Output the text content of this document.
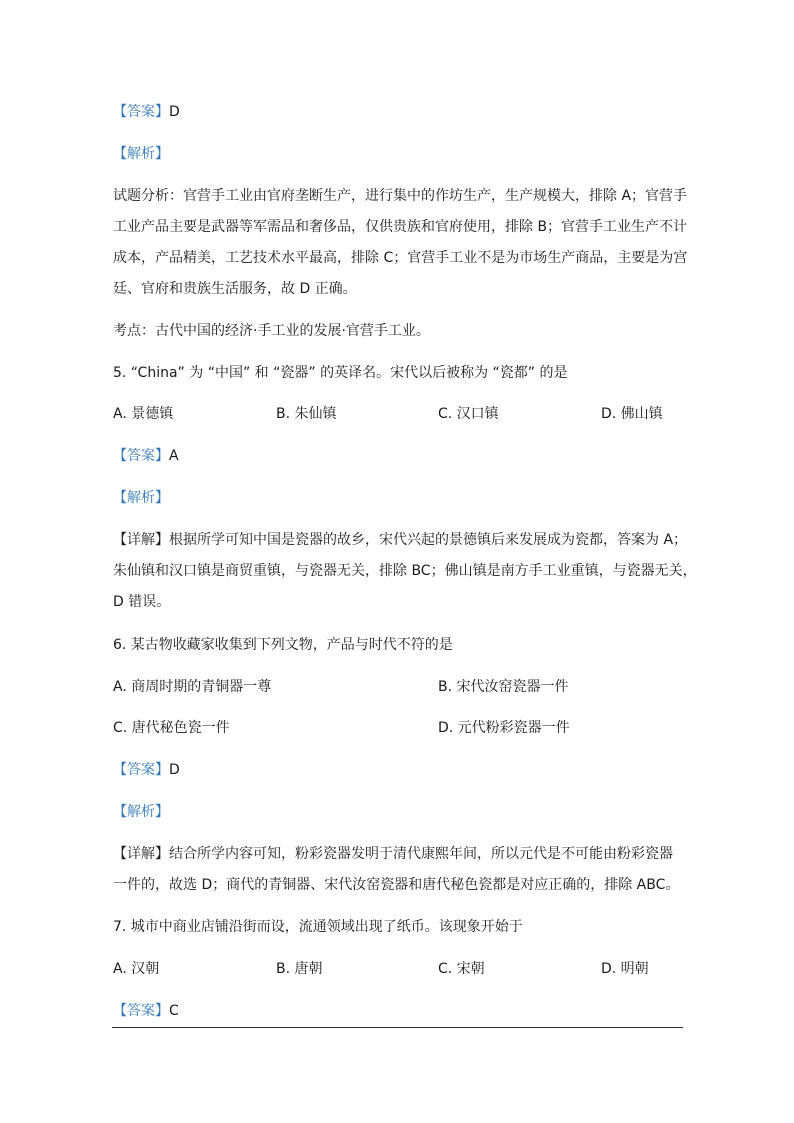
【答案】D
【解析】
试题分析：官营手工业由官府垄断生产，进行集中的作坊生产，生产规模大，排除 A；官营手
工业产品主要是武器等军需品和奢侈品，仅供贵族和官府使用，排除 B；官营手工业生产不计
成本，产品精美，工艺技术水平最高，排除 C；官营手工业不是为市场生产商品，主要是为宫
廷、官府和贵族生活服务，故 D 正确。
考点：古代中国的经济·手工业的发展·官营手工业。
5. “China” 为 “中国” 和 “瓷器” 的英译名。宋代以后被称为 “瓷都” 的是
A. 景德镇	B. 朱仙镇	C. 汉口镇	D. 佛山镇
【答案】A
【解析】
【详解】根据所学可知中国是瓷器的故乡，宋代兴起的景德镇后来发展成为瓷都，答案为 A；
朱仙镇和汉口镇是商贸重镇，与瓷器无关，排除 BC；佛山镇是南方手工业重镇，与瓷器无关，
D 错误。
6. 某古物收藏家收集到下列文物，产品与时代不符的是
A. 商周时期的青铜器一尊	B. 宋代汝窑瓷器一件
C. 唐代秘色瓷一件	D. 元代粉彩瓷器一件
【答案】D
【解析】
【详解】结合所学内容可知，粉彩瓷器发明于清代康熙年间，所以元代是不可能由粉彩瓷器
一件的，故选 D；商代的青铜器、宋代汝窑瓷器和唐代秘色瓷都是对应正确的，排除 ABC。
7. 城市中商业店铺沿街而设，流通领域出现了纸币。该现象开始于
A. 汉朝	B. 唐朝	C. 宋朝	D. 明朝
【答案】C
